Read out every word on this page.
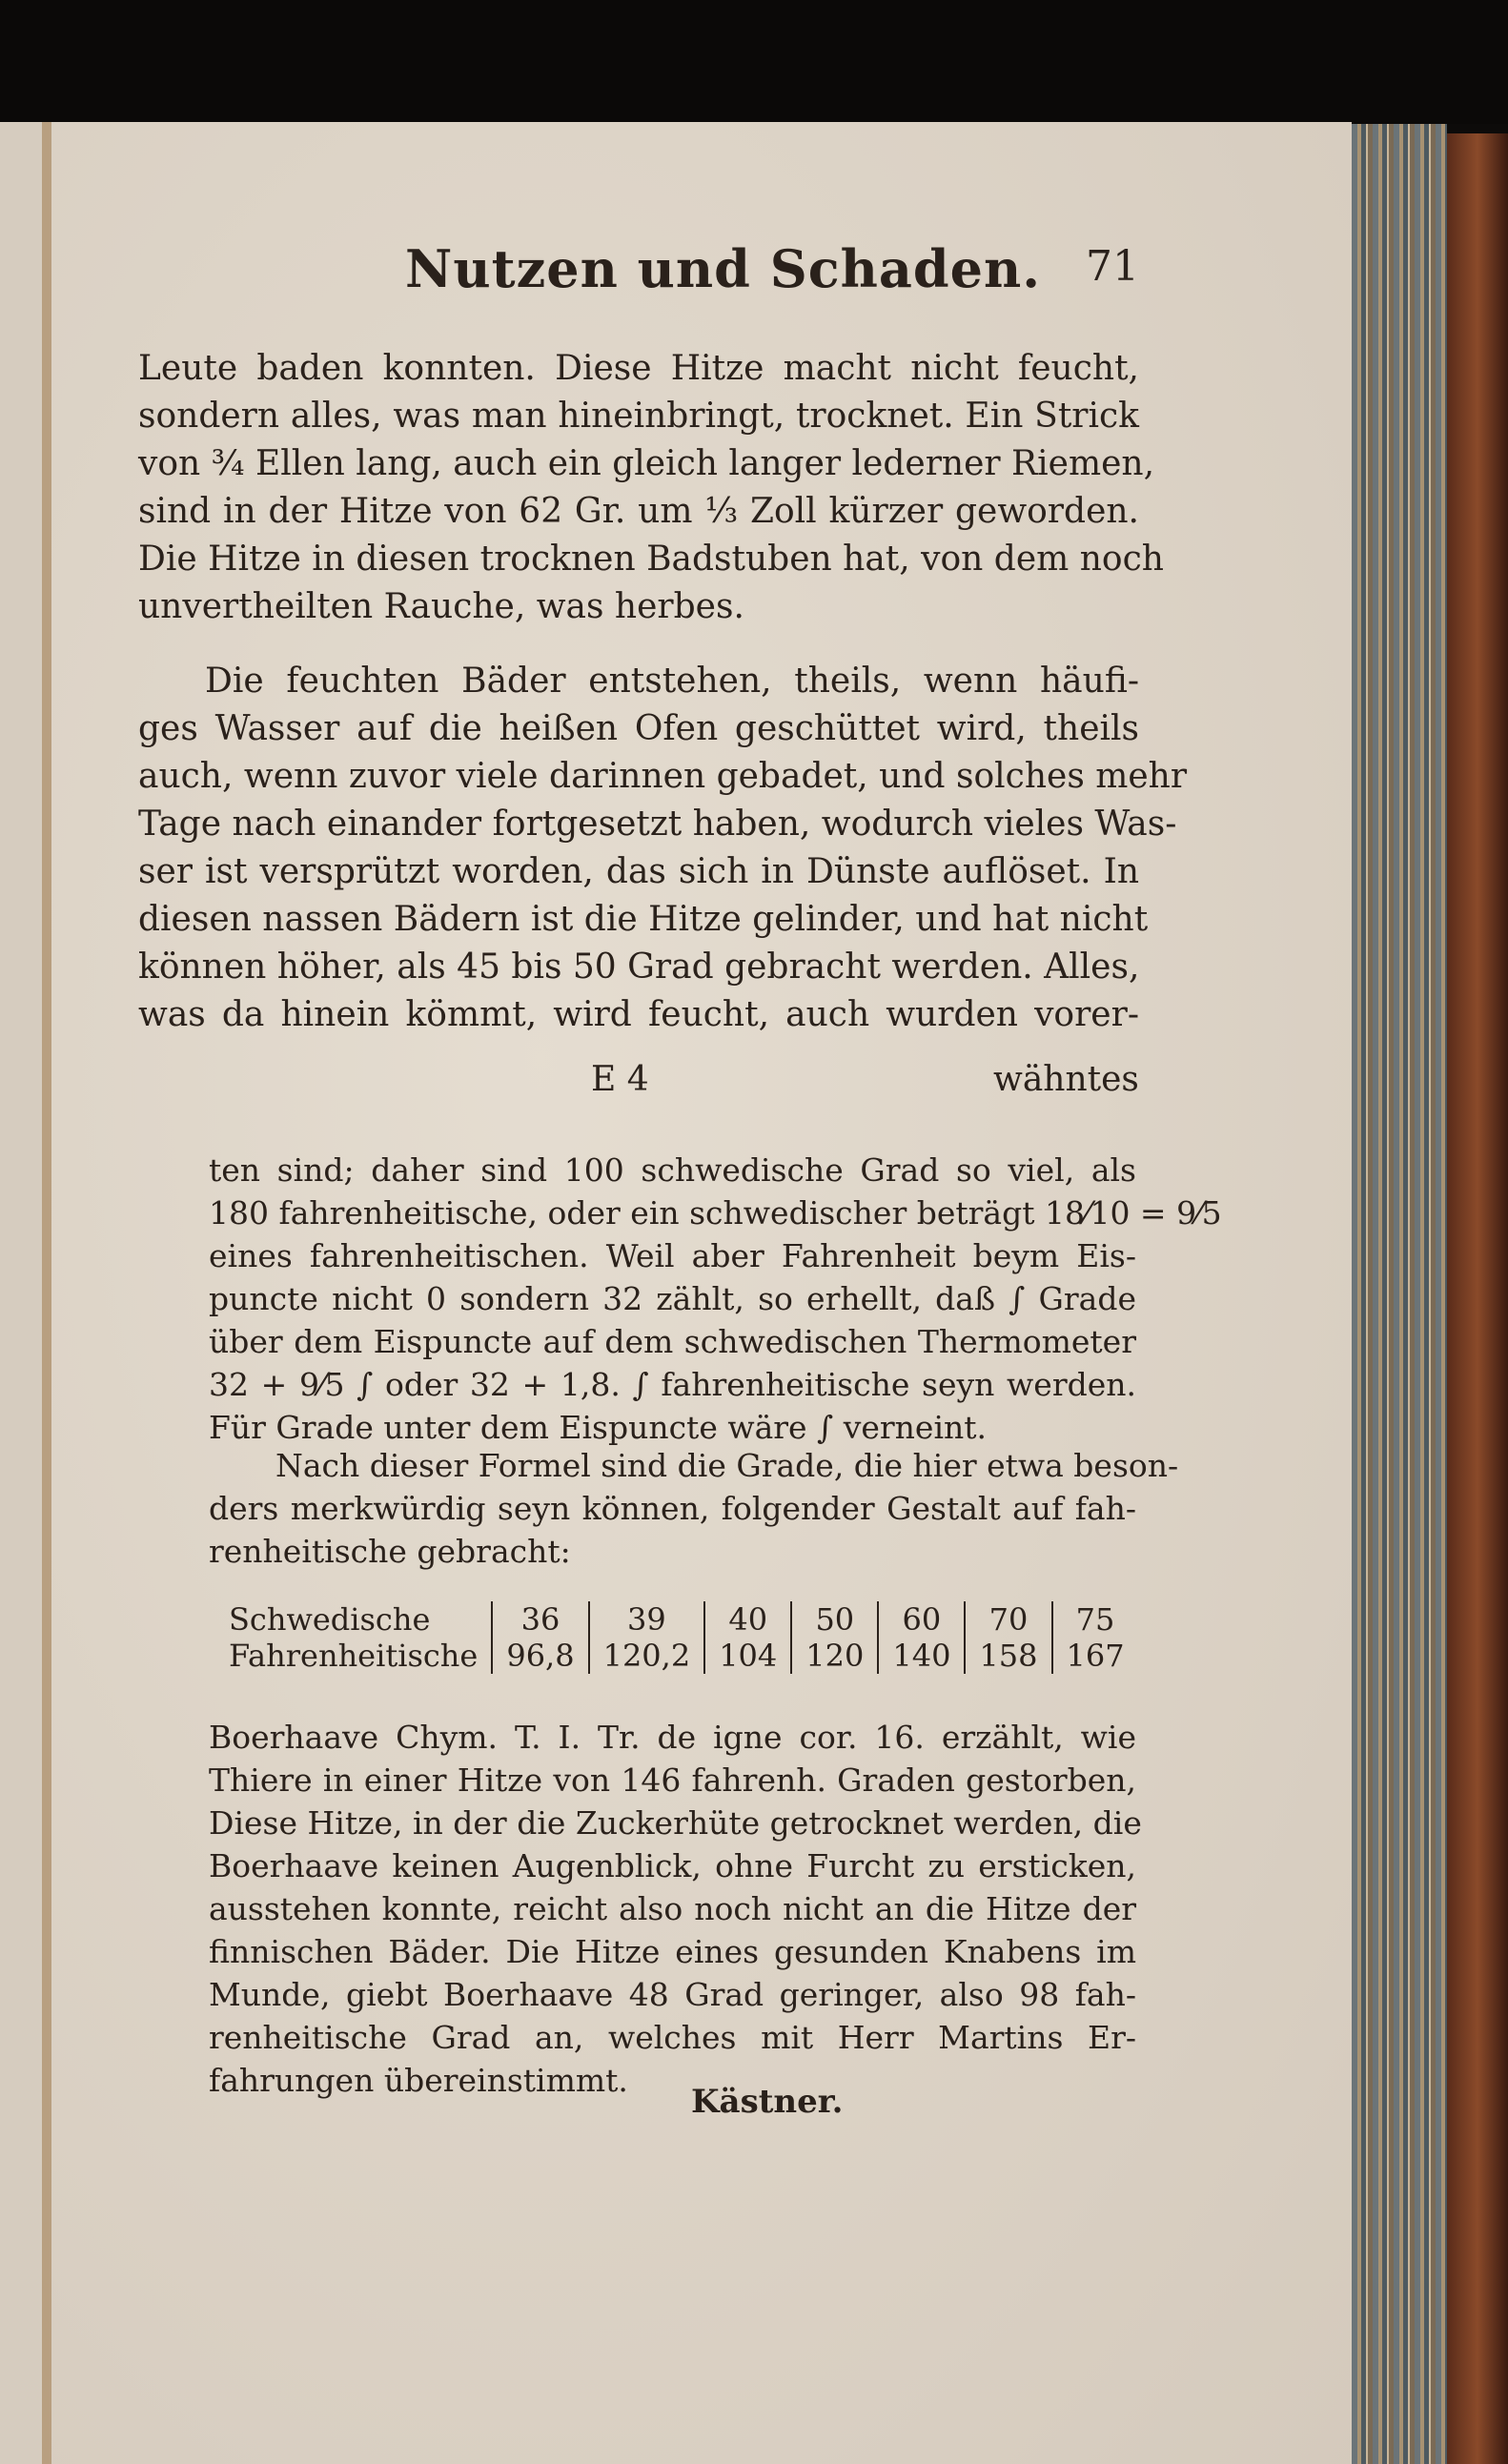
Nutzen und Schaden. 71
Leute baden konnten. Diese Hitze macht nicht feucht,
sondern alles, was man hineinbringt, trocknet. Ein Strick
von ¾ Ellen lang, auch ein gleich langer lederner Riemen,
sind in der Hitze von 62 Gr. um ⅓ Zoll kürzer geworden.
Die Hitze in diesen trocknen Badstuben hat, von dem noch
unvertheilten Rauche, was herbes.
Die feuchten Bäder entstehen, theils, wenn häufi-
ges Wasser auf die heißen Ofen geschüttet wird, theils
auch, wenn zuvor viele darinnen gebadet, und solches mehr
Tage nach einander fortgesetzt haben, wodurch vieles Was-
ser ist versprützt worden, das sich in Dünste auflöset. In
diesen nassen Bädern ist die Hitze gelinder, und hat nicht
können höher, als 45 bis 50 Grad gebracht werden. Alles,
was da hinein kömmt, wird feucht, auch wurden vorer-
E 4	wähntes
ten sind; daher sind 100 schwedische Grad so viel, als
180 fahrenheitische, oder ein schwedischer beträgt 18⁄10 = 9⁄5
eines fahrenheitischen. Weil aber Fahrenheit beym Eis-
puncte nicht 0 sondern 32 zählt, so erhellt, daß ∫ Grade
über dem Eispuncte auf dem schwedischen Thermometer
32 + 9⁄5 ∫ oder 32 + 1,8. ∫ fahrenheitische seyn werden.
Für Grade unter dem Eispuncte wäre ∫ verneint.
Nach dieser Formel sind die Grade, die hier etwa beson-
ders merkwürdig seyn können, folgender Gestalt auf fah-
renheitische gebracht:
Schwedische	36	39	40	50	60	70	75
Fahrenheitische	96,8	120,2	104	120	140	158	167
Boerhaave Chym. T. I. Tr. de igne cor. 16. erzählt, wie
Thiere in einer Hitze von 146 fahrenh. Graden gestorben,
Diese Hitze, in der die Zuckerhüte getrocknet werden, die
Boerhaave keinen Augenblick, ohne Furcht zu ersticken,
ausstehen konnte, reicht also noch nicht an die Hitze der
finnischen Bäder. Die Hitze eines gesunden Knabens im
Munde, giebt Boerhaave 48 Grad geringer, also 98 fah-
renheitische Grad an, welches mit Herr Martins Er-
fahrungen übereinstimmt.
Kästner.
